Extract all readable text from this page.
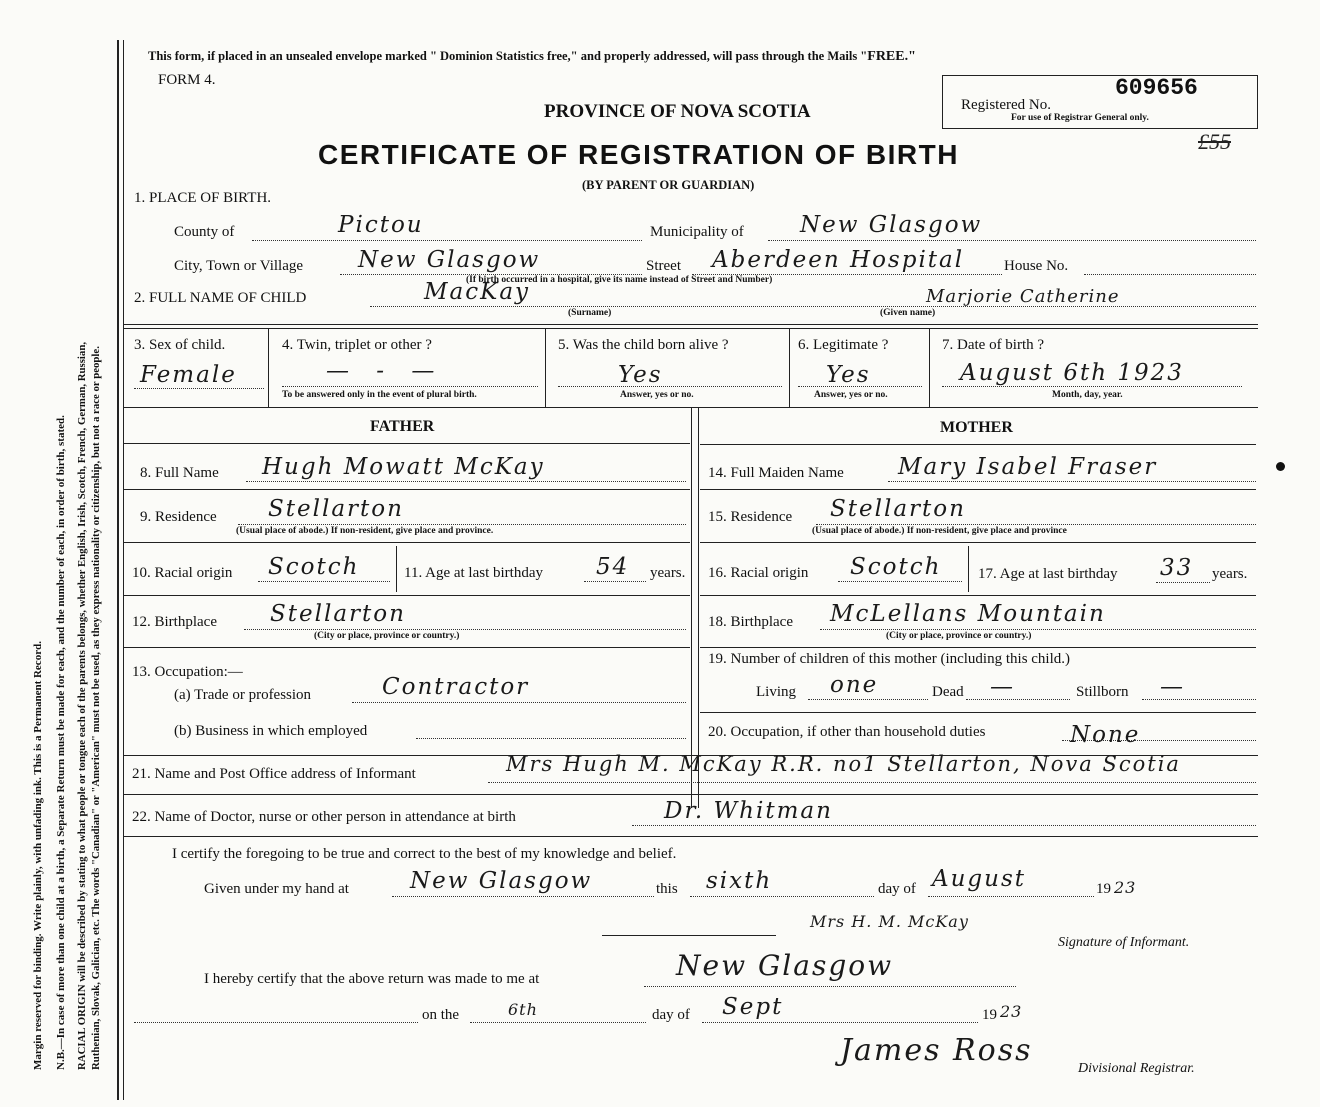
Margin reserved for binding. Write plainly, with unfading ink. This is a Permanent Record. N.B.—In case of more than one child at a birth, a Separate Return must be made for each, and the number of each, in order of birth, stated. RACIAL ORIGIN will be described by stating to what people or tongue each of the parents belongs, whether English, Irish, Scotch, French, German, Russian, Ruthenian, Slovak, Galician, etc. The words "Canadian" or "American" must not be used, as they express nationality or citizenship, but not a race or people.
This form, if placed in an unsealed envelope marked " Dominion Statistics free," and properly addressed, will pass through the Mails "FREE."
FORM 4.
PROVINCE OF NOVA SCOTIA
CERTIFICATE OF REGISTRATION OF BIRTH
(BY PARENT OR GUARDIAN)
Registered No.
609656
For use of Registrar General only.
£55
1. PLACE OF BIRTH.
County of	Pictou	Municipality of New Glasgow
City, Town or Village New Glasgow	Street Aberdeen Hospital	House No.
(If birth occurred in a hospital, give its name instead of Street and Number)
2. FULL NAME OF CHILD	MacKay
(Surname)
Marjorie Catherine
(Given name)
3. Sex of child.
Female
4. Twin, triplet or other ?
— - —
To be answered only in the event of plural birth.
5. Was the child born alive ?
Yes
Answer, yes or no.
6. Legitimate ?
Yes
Answer, yes or no.
7. Date of birth ?
August 6th 1923
Month, day, year.
FATHER
8. Full Name Hugh Mowatt McKay
9. Residence Stellarton
(Usual place of abode.) If non-resident, give place and province.
10. Racial origin Scotch	11. Age at last birthday 54 years.
12. Birthplace Stellarton
(City or place, province or country.)
13. Occupation:—
(a) Trade or profession	Contractor
(b) Business in which employed
MOTHER
14. Full Maiden Name Mary Isabel Fraser
15. Residence Stellarton
(Usual place of abode.) If non-resident, give place and province
16. Racial origin Scotch 17. Age at last birthday 33 years.
18. Birthplace McLellans Mountain
(City or place, province or country.)
19. Number of children of this mother (including this child.)
Living one	Dead —	Stillborn —
20. Occupation, if other than household duties	None
21. Name and Post Office address of Informant	Mrs Hugh M. McKay R.R. no1 Stellarton, Nova Scotia
22. Name of Doctor, nurse or other person in attendance at birth	Dr. Whitman
I certify the foregoing to be true and correct to the best of my knowledge and belief.
Given under my hand at	New Glasgow	this sixth	day of August	19 23
Mrs H. M. McKay
Signature of Informant.
I hereby certify that the above return was made to me at	New Glasgow
on the	6th	day of Sept	19 23
James Ross
Divisional Registrar.
